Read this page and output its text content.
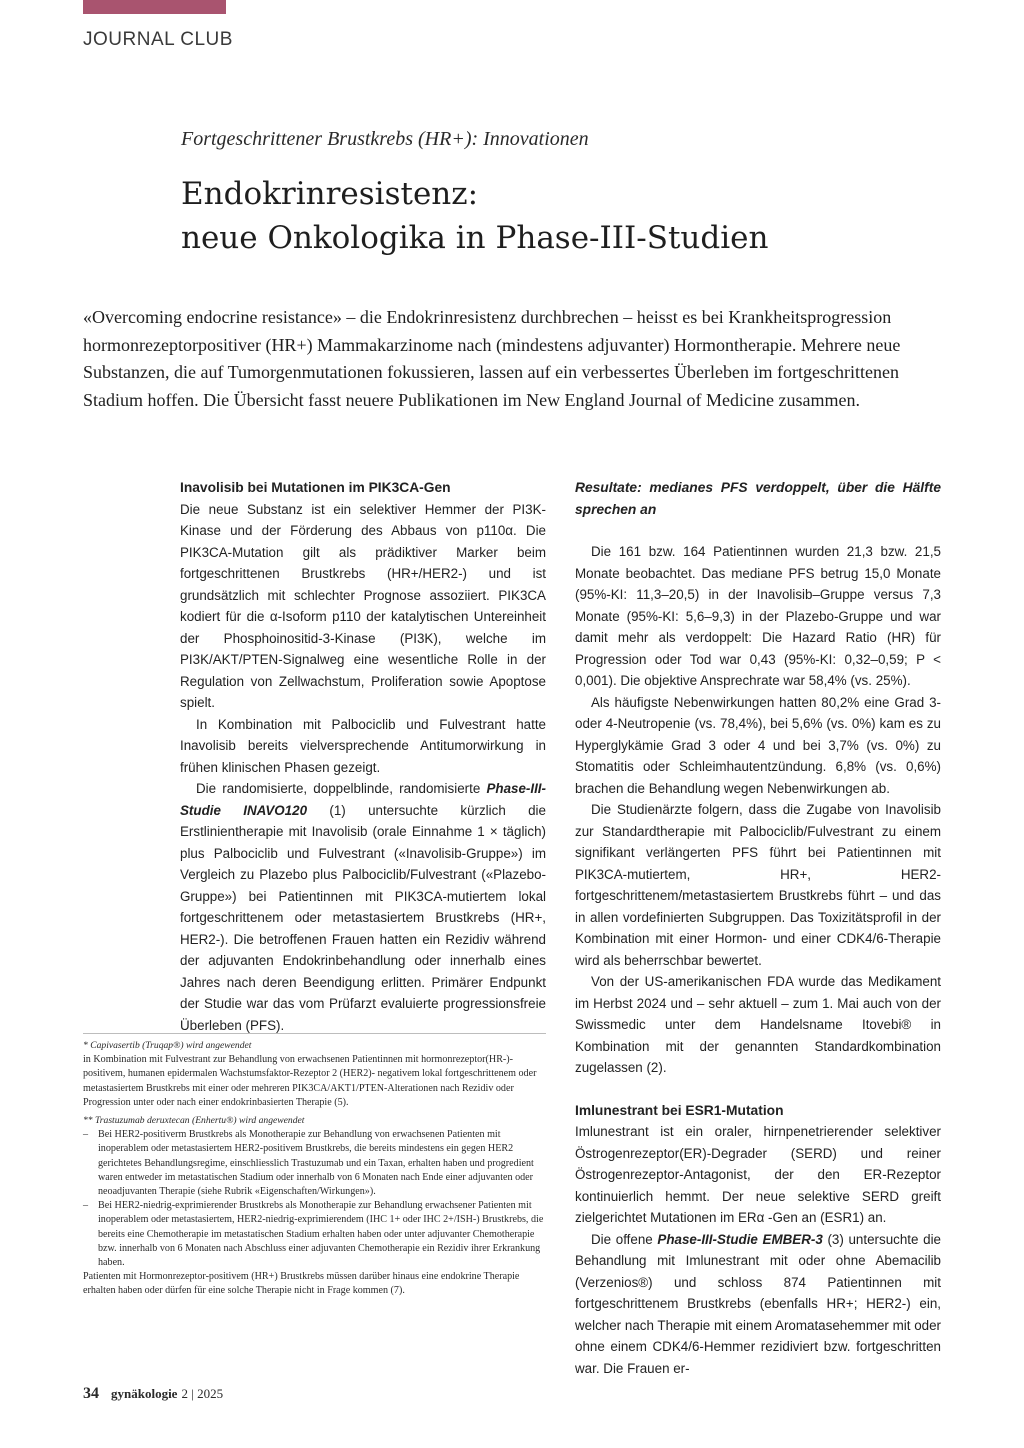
JOURNAL CLUB
Fortgeschrittener Brustkrebs (HR+): Innovationen
Endokrinresistenz:
neue Onkologika in Phase-III-Studien

«Overcoming endocrine resistance» – die Endokrinresistenz durchbrechen – heisst es bei Krankheitsprogression hormonrezeptorpositiver (HR+) Mammakarzinome nach (mindestens adjuvanter) Hormontherapie. Mehrere neue Substanzen, die auf Tumorgenmutationen fokussieren, lassen auf ein verbessertes Überleben im fortgeschrittenen Stadium hoffen. Die Übersicht fasst neuere Publikationen im New England Journal of Medicine zusammen.

Inavolisib bei Mutationen im PIK3CA-Gen

Die neue Substanz ist ein selektiver Hemmer der PI3K-Kinase und der Förderung des Abbaus von p110α. Die PIK3CA-Mutation gilt als prädiktiver Marker beim fortgeschrittenen Brustkrebs (HR+/HER2-) und ist grundsätzlich mit schlechter Prognose assoziiert. PIK3CA kodiert für die α-Isoform p110 der katalytischen Untereinheit der Phosphoinositid-3-Kinase (PI3K), welche im PI3K/AKT/PTEN-Signalweg eine wesentliche Rolle in der Regulation von Zellwachstum, Proliferation sowie Apoptose spielt.

In Kombination mit Palbociclib und Fulvestrant hatte Inavolisib bereits vielversprechende Antitumorwirkung in frühen klinischen Phasen gezeigt.

Die randomisierte, doppelblinde, randomisierte Phase-III-Studie INAVO120 (1) untersuchte kürzlich die Erstlinientherapie mit Inavolisib (orale Einnahme 1 × täglich) plus Palbociclib und Fulvestrant («Inavolisib-Gruppe») im Vergleich zu Plazebo plus Palbociclib/Fulvestrant («Plazebo-Gruppe») bei Patientinnen mit PIK3CA-mutiertem lokal fortgeschrittenem oder metastasiertem Brustkrebs (HR+, HER2-). Die betroffenen Frauen hatten ein Rezidiv während der adjuvanten Endokrinbehandlung oder innerhalb eines Jahres nach deren Beendigung erlitten. Primärer Endpunkt der Studie war das vom Prüfarzt evaluierte progressionsfreie Überleben (PFS).

Resultate: medianes PFS verdoppelt, über die Hälfte sprechen an

Die 161 bzw. 164 Patientinnen wurden 21,3 bzw. 21,5 Monate beobachtet. Das mediane PFS betrug 15,0 Monate (95%-KI: 11,3–20,5) in der Inavolisib–Gruppe versus 7,3 Monate (95%-KI: 5,6–9,3) in der Plazebo-Gruppe und war damit mehr als verdoppelt: Die Hazard Ratio (HR) für Progression oder Tod war 0,43 (95%-KI: 0,32–0,59; P < 0,001). Die objektive Ansprechrate war 58,4% (vs. 25%).

Als häufigste Nebenwirkungen hatten 80,2% eine Grad 3- oder 4-Neutropenie (vs. 78,4%), bei 5,6% (vs. 0%) kam es zu Hyperglykämie Grad 3 oder 4 und bei 3,7% (vs. 0%) zu Stomatitis oder Schleimhautentzündung. 6,8% (vs. 0,6%) brachen die Behandlung wegen Nebenwirkungen ab.

Die Studienärzte folgern, dass die Zugabe von Inavolisib zur Standardtherapie mit Palbociclib/Fulvestrant zu einem signifikant verlängerten PFS führt bei Patientinnen mit PIK3CA-mutiertem, HR+, HER2- fortgeschrittenem/metastasiertem Brustkrebs führt – und das in allen vordefinierten Subgruppen. Das Toxizitätsprofil in der Kombination mit einer Hormon- und einer CDK4/6-Therapie wird als beherrschbar bewertet.

Von der US-amerikanischen FDA wurde das Medikament im Herbst 2024 und – sehr aktuell – zum 1. Mai auch von der Swissmedic unter dem Handelsname Itovebi® in Kombination mit der genannten Standardkombination zugelassen (2).

Imlunestrant bei ESR1-Mutation

Imlunestrant ist ein oraler, hirnpenetrierender selektiver Östrogenrezeptor(ER)-Degrader (SERD) und reiner Östrogenrezeptor-Antagonist, der den ER-Rezeptor kontinuierlich hemmt. Der neue selektive SERD greift zielgerichtet Mutationen im ERα -Gen an (ESR1) an.

Die offene Phase-III-Studie EMBER-3 (3) untersuchte die Behandlung mit Imlunestrant mit oder ohne Abemacilib (Verzenios®) und schloss 874 Patientinnen mit fortgeschrittenem Brustkrebs (ebenfalls HR+; HER2-) ein, welcher nach Therapie mit einem Aromatasehemmer mit oder ohne einem CDK4/6-Hemmer rezidiviert bzw. fortgeschritten war. Die Frauen er-

* Capivasertib (Truqap®) wird angewendet

in Kombination mit Fulvestrant zur Behandlung von erwachsenen Patientinnen mit hormonrezeptor(HR-)- positivem, humanen epidermalen Wachstumsfaktor-Rezeptor 2 (HER2)- negativem lokal fortgeschrittenem oder metastasiertem Brustkrebs mit einer oder mehreren PIK3CA/AKT1/PTEN-Alterationen nach Rezidiv oder Progression unter oder nach einer endokrinbasierten Therapie (5).

** Trastuzumab deruxtecan (Enhertu®) wird angewendet

– Bei HER2-positiverm Brustkrebs als Monotherapie zur Behandlung von erwachsenen Patienten mit inoperablem oder metastasiertem HER2-positivem Brustkrebs, die bereits mindestens ein gegen HER2 gerichtetes Behandlungsregime, einschliesslich Trastuzumab und ein Taxan, erhalten haben und progredient waren entweder im metastatischen Stadium oder innerhalb von 6 Monaten nach Ende einer adjuvanten oder neoadjuvanten Therapie (siehe Rubrik «Eigenschaften/Wirkungen»).
– Bei HER2-niedrig-exprimierender Brustkrebs als Monotherapie zur Behandlung erwachsener Patienten mit inoperablem oder metastasiertem, HER2-niedrig-exprimierendem (IHC 1+ oder IHC 2+/ISH-) Brustkrebs, die bereits eine Chemotherapie im metastatischen Stadium erhalten haben oder unter adjuvanter Chemotherapie bzw. innerhalb von 6 Monaten nach Abschluss einer adjuvanten Chemotherapie ein Rezidiv ihrer Erkrankung haben.

Patienten mit Hormonrezeptor-positivem (HR+) Brustkrebs müssen darüber hinaus eine endokrine Therapie erhalten haben oder dürfen für eine solche Therapie nicht in Frage kommen (7).

34 gynäkologie 2 | 2025
